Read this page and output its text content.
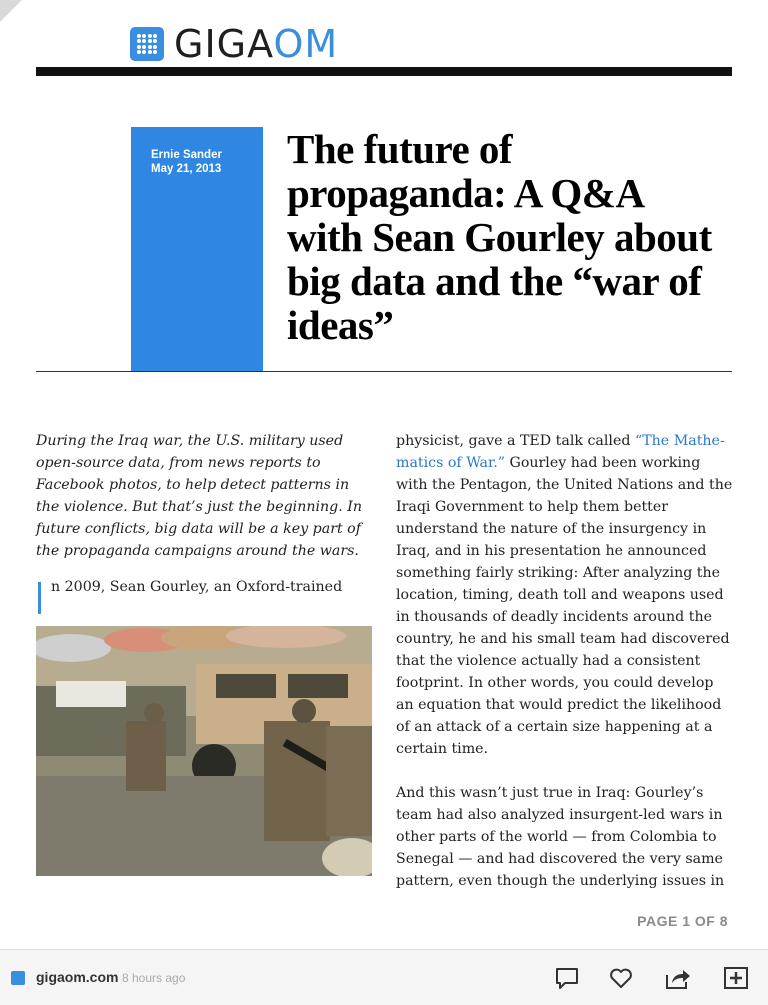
GIGAOM
Ernie Sander
May 21, 2013 The future of propaganda: A Q&A with Sean Gourley about big data and the “war of ideas”

During the Iraq war, the U.S. military used open-source data, from news reports to Facebook photos, to help detect patterns in the violence. But that’s just the beginning. In future conflicts, big data will be a key part of the propaganda campaigns around the wars.

n 2009, Sean Gourley, an Oxford-trained

physicist, gave a TED talk called “The Mathematics of War.” Gourley had been working with the Pentagon, the United Nations and the Iraqi Government to help them better understand the nature of the insurgency in Iraq, and in his presentation he announced something fairly striking: After analyzing the location, timing, death toll and weapons used in thousands of deadly incidents around the country, he and his small team had discovered that the violence actually had a consistent footprint. In other words, you could develop an equation that would predict the likelihood of an attack of a certain size happening at a certain time.

And this wasn’t just true in Iraq: Gourley’s team had also analyzed insurgent-led wars in other parts of the world — from Colombia to Senegal — and had discovered the very same pattern, even though the underlying issues in

PAGE 1 OF 8
gigaom.com 8 hours ago
